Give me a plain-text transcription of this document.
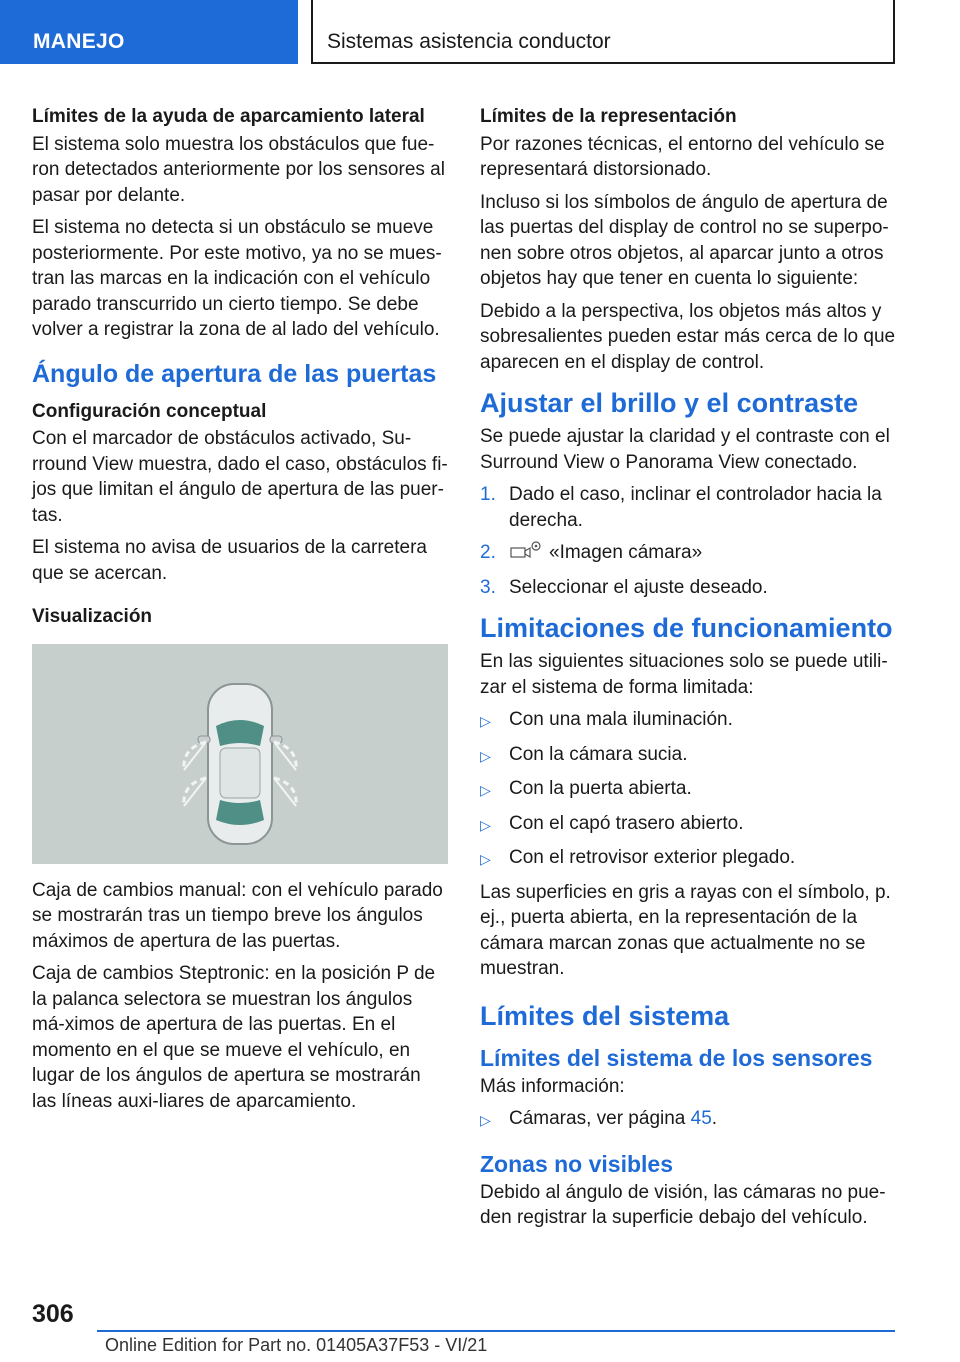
MANEJO	Sistemas asistencia conductor
Límites de la ayuda de aparcamiento lateral

El sistema solo muestra los obstáculos que fue-ron detectados anteriormente por los sensores al pasar por delante.

El sistema no detecta si un obstáculo se mueve posteriormente. Por este motivo, ya no se mues-tran las marcas en la indicación con el vehículo parado transcurrido un cierto tiempo. Se debe volver a registrar la zona de al lado del vehículo.

Ángulo de apertura de las puertas
Configuración conceptual

Con el marcador de obstáculos activado, Su-rround View muestra, dado el caso, obstáculos fi-jos que limitan el ángulo de apertura de las puer-tas.

El sistema no avisa de usuarios de la carretera que se acercan.

Visualización

Caja de cambios manual: con el vehículo parado se mostrarán tras un tiempo breve los ángulos máximos de apertura de las puertas.

Caja de cambios Steptronic: en la posición P de la palanca selectora se muestran los ángulos má-ximos de apertura de las puertas. En el momento en el que se mueve el vehículo, en lugar de los ángulos de apertura se mostrarán las líneas auxi-liares de aparcamiento.

Límites de la representación

Por razones técnicas, el entorno del vehículo se representará distorsionado.

Incluso si los símbolos de ángulo de apertura de las puertas del display de control no se superpo-nen sobre otros objetos, al aparcar junto a otros objetos hay que tener en cuenta lo siguiente:

Debido a la perspectiva, los objetos más altos y sobresalientes pueden estar más cerca de lo que aparecen en el display de control.

Ajustar el brillo y el contraste

Se puede ajustar la claridad y el contraste con el Surround View o Panorama View conectado.

1. Dado el caso, inclinar el controlador hacia la derecha.
2.	«Imagen cámara»
3. Seleccionar el ajuste deseado.
Limitaciones de funcionamiento

En las siguientes situaciones solo se puede utili-zar el sistema de forma limitada:

▷ Con una mala iluminación.
▷ Con la cámara sucia.
▷ Con la puerta abierta.
▷ Con el capó trasero abierto.
▷ Con el retrovisor exterior plegado.

Las superficies en gris a rayas con el símbolo, p. ej., puerta abierta, en la representación de la cámara marcan zonas que actualmente no se muestran.

Límites del sistema
Límites del sistema de los sensores

Más información:

▷ Cámaras, ver página 45.
Zonas no visibles

Debido al ángulo de visión, las cámaras no pue-den registrar la superficie debajo del vehículo.

306
Online Edition for Part no. 01405A37F53 - VI/21
